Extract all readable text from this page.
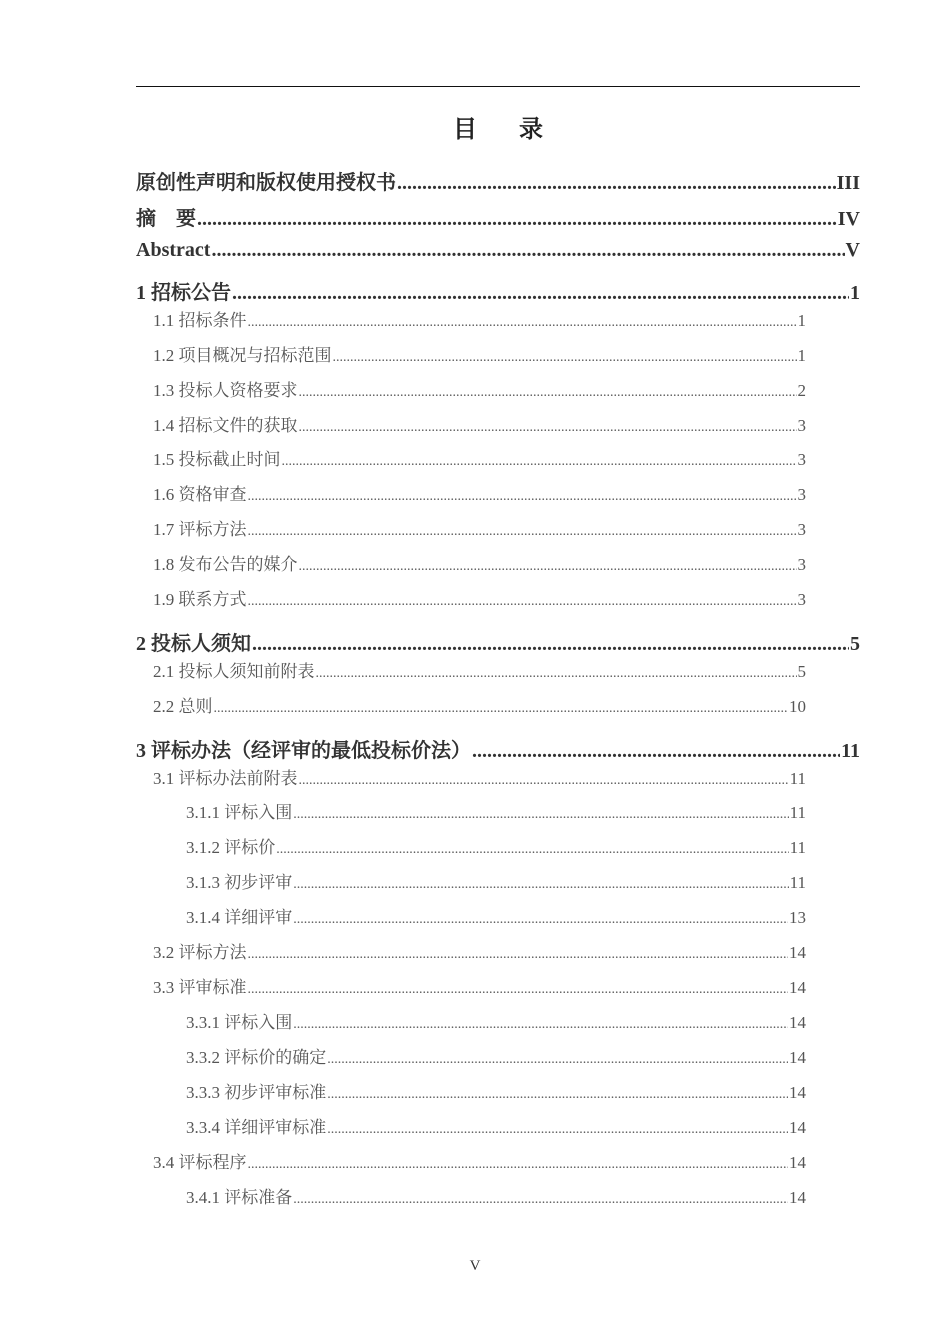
目 录
原创性声明和版权使用授权书 .....	III
摘　要 .....	IV
Abstract .....	V
1 招标公告 .....	1
1.1 招标条件 .....	1
1.2 项目概况与招标范围 .....	1
1.3 投标人资格要求 .....	2
1.4 招标文件的获取 .....	3
1.5 投标截止时间 .....	3
1.6 资格审查 .....	3
1.7 评标方法 .....	3
1.8 发布公告的媒介 .....	3
1.9 联系方式 .....	3
2 投标人须知 .....	5
2.1 投标人须知前附表 .....	5
2.2 总则 .....	10
3 评标办法（经评审的最低投标价法） .....	11
3.1 评标办法前附表 .....	11
3.1.1 评标入围 .....	11
3.1.2 评标价 .....	11
3.1.3 初步评审 .....	11
3.1.4 详细评审 .....	13
3.2 评标方法 .....	14
3.3 评审标准 .....	14
3.3.1 评标入围 .....	14
3.3.2 评标价的确定 .....	14
3.3.3 初步评审标准 .....	14
3.3.4 详细评审标准 .....	14
3.4 评标程序 .....	14
3.4.1 评标准备 .....	14
V
